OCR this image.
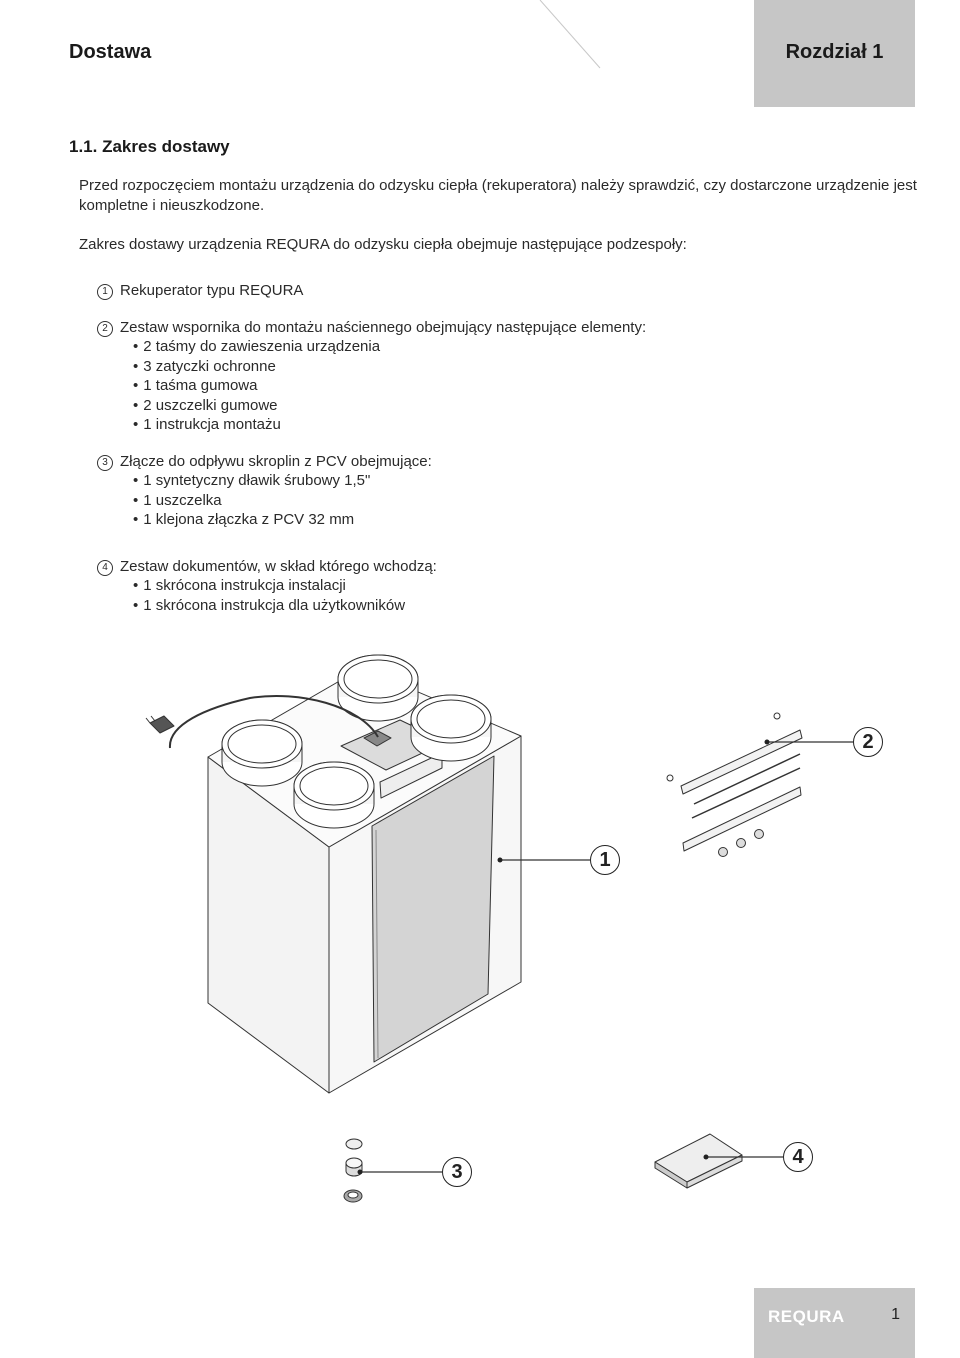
Dostawa	Rozdział 1
1.1. Zakres dostawy
Przed rozpoczęciem montażu urządzenia do odzysku ciepła (rekuperatora) należy sprawdzić, czy dostarczone urządzenie jest kompletne i nieuszkodzone.
Zakres dostawy urządzenia REQURA do odzysku ciepła obejmuje następujące podzespoły:
1 Rekuperator typu REQURA
2 Zestaw wspornika do montażu naściennego obejmujący następujące elementy:
• 2 taśmy do zawieszenia urządzenia
• 3 zatyczki ochronne
• 1 taśma gumowa
• 2 uszczelki gumowe
• 1 instrukcja montażu
3 Złącze do odpływu skroplin z PCV obejmujące:
• 1 syntetyczny dławik śrubowy 1,5"
• 1 uszczelka
• 1 klejona złączka z PCV 32 mm
4 Zestaw dokumentów, w skład którego wchodzą:
• 1 skrócona instrukcja instalacji
• 1 skrócona instrukcja dla użytkowników
1
2
3
4
REQURA	1
